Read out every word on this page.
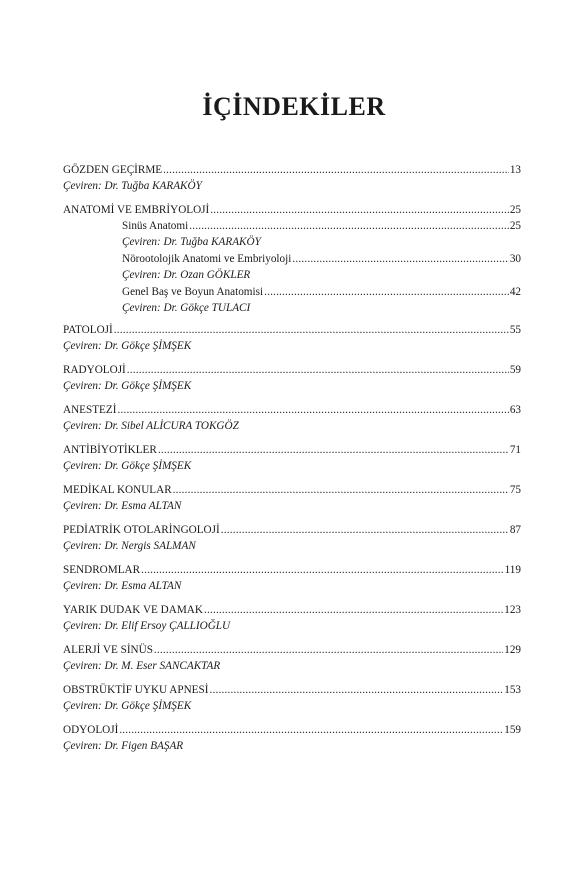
İÇİNDEKİLER
GÖZDEN GEÇİRME .....	13
Çeviren: Dr. Tuğba KARAKÖY
ANATOMİ VE EMBRİYOLOJİ .....	25
Sinüs Anatomi .....	25
Çeviren: Dr. Tuğba KARAKÖY
Nörootolojik Anatomi ve Embriyoloji .....	30
Çeviren: Dr. Ozan GÖKLER
Genel Baş ve Boyun Anatomisi .....	42
Çeviren: Dr. Gökçe TULACI
PATOLOJİ .....	55
Çeviren: Dr. Gökçe ŞİMŞEK
RADYOLOJİ .....	59
Çeviren: Dr. Gökçe ŞİMŞEK
ANESTEZİ .....	63
Çeviren: Dr. Sibel ALİCURA TOKGÖZ
ANTİBİYOTİKLER .....	71
Çeviren: Dr. Gökçe ŞİMŞEK
MEDİKAL KONULAR .....	75
Çeviren: Dr. Esma ALTAN
PEDİATRİK OTOLARİNGOLOJİ .....	87
Çeviren: Dr. Nergis SALMAN
SENDROMLAR .....	119
Çeviren: Dr. Esma ALTAN
YARIK DUDAK VE DAMAK .....	123
Çeviren: Dr. Elif Ersoy ÇALLIOĞLU
ALERJİ VE SİNÜS .....	129
Çeviren: Dr. M. Eser SANCAKTAR
OBSTRÜKTİF UYKU APNESİ .....	153
Çeviren: Dr. Gökçe ŞİMŞEK
ODYOLOJİ .....	159
Çeviren: Dr. Figen BAŞAR
